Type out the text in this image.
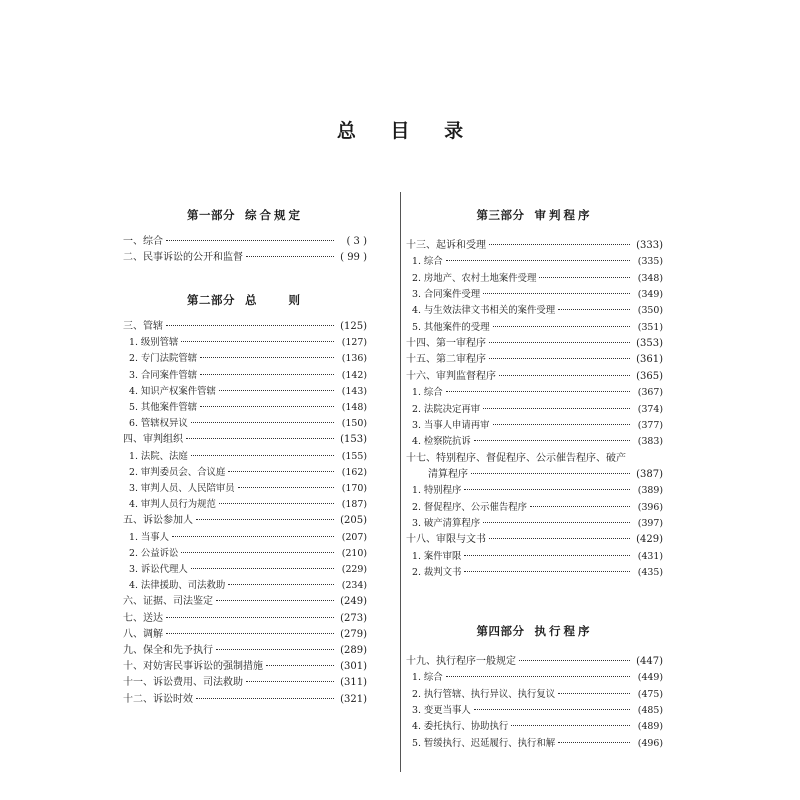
总 目 录
第一部分 综合规定
一、综合	( 3 )
二、民事诉讼的公开和监督	( 99 )
第二部分 总　　则
三、管辖	(125)
1. 级别管辖	(127)
2. 专门法院管辖	(136)
3. 合同案件管辖	(142)
4. 知识产权案件管辖	(143)
5. 其他案件管辖	(148)
6. 管辖权异议	(150)
四、审判组织	(153)
1. 法院、法庭	(155)
2. 审判委员会、合议庭	(162)
3. 审判人员、人民陪审员	(170)
4. 审判人员行为规范	(187)
五、诉讼参加人	(205)
1. 当事人	(207)
2. 公益诉讼	(210)
3. 诉讼代理人	(229)
4. 法律援助、司法救助	(234)
六、证据、司法鉴定	(249)
七、送达	(273)
八、调解	(279)
九、保全和先予执行	(289)
十、对妨害民事诉讼的强制措施	(301)
十一、诉讼费用、司法救助	(311)
十二、诉讼时效	(321)
第三部分 审判程序
十三、起诉和受理	(333)
1. 综合	(335)
2. 房地产、农村土地案件受理	(348)
3. 合同案件受理	(349)
4. 与生效法律文书相关的案件受理	(350)
5. 其他案件的受理	(351)
十四、第一审程序	(353)
十五、第二审程序	(361)
十六、审判监督程序	(365)
1. 综合	(367)
2. 法院决定再审	(374)
3. 当事人申请再审	(377)
4. 检察院抗诉	(383)
十七、特别程序、督促程序、公示催告程序、破产
清算程序	(387)
1. 特别程序	(389)
2. 督促程序、公示催告程序	(396)
3. 破产清算程序	(397)
十八、审限与文书	(429)
1. 案件审限	(431)
2. 裁判文书	(435)
第四部分 执行程序
十九、执行程序一般规定	(447)
1. 综合	(449)
2. 执行管辖、执行异议、执行复议	(475)
3. 变更当事人	(485)
4. 委托执行、协助执行	(489)
5. 暂缓执行、迟延履行、执行和解	(496)
